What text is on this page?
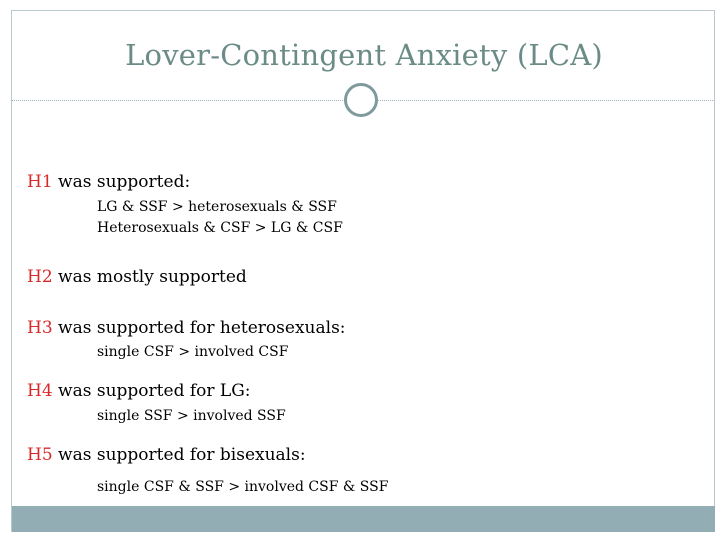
Lover-Contingent Anxiety (LCA)
H1 was supported:
LG & SSF > heterosexuals & SSF
Heterosexuals & CSF > LG & CSF
H2 was mostly supported
H3 was supported for heterosexuals:
single CSF > involved CSF
H4 was supported for LG:
single SSF > involved SSF
H5 was supported for bisexuals:
single CSF & SSF > involved CSF & SSF
